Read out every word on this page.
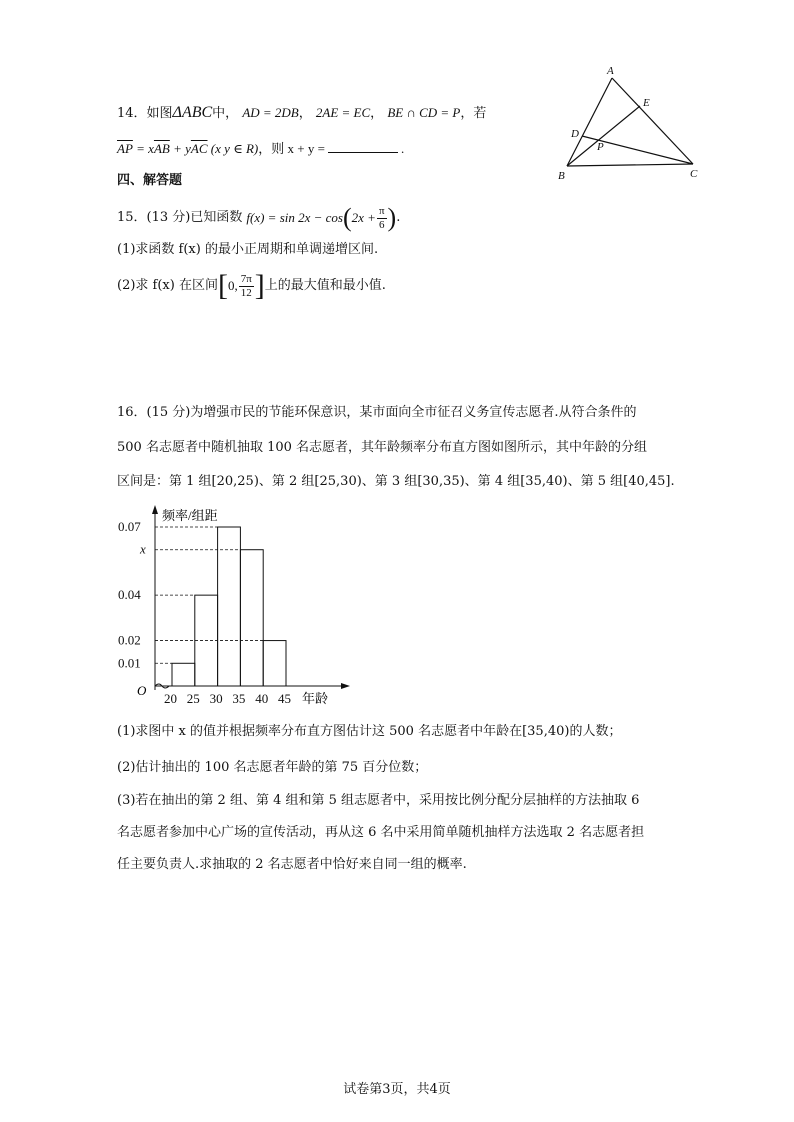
14．如图ΔABC中， AD = 2DB， 2AE = EC， BE ∩ CD = P，若
$\overline{AP} = x\overline{AB} + y\overline{AC}$ (x y ∈ R)，则 x + y =	.
A
B	C
D
E
P
四、解答题
15．(13 分)已知函数 f(x) = sin 2x − cos ( $2x + \frac{\pi}{6}$ ) .
(1)求函数 f(x) 的最小正周期和单调递增区间.
(2)求 f(x) 在区间 [ 0, $\frac{7\pi}{12}$ ] 上的最大值和最小值.
16．(15 分)为增强市民的节能环保意识，某市面向全市征召义务宣传志愿者.从符合条件的
500 名志愿者中随机抽取 100 名志愿者，其年龄频率分布直方图如图所示，其中年龄的分组
区间是：第 1 组[20,25)、第 2 组[25,30)、第 3 组[30,35)、第 4 组[35,40)、第 5 组[40,45].
0.01
0.02
0.04
x
0.07
20 25 30 35 40 45
O
频率/组距
年龄
(1)求图中 x 的值并根据频率分布直方图估计这 500 名志愿者中年龄在[35,40)的人数；
(2)估计抽出的 100 名志愿者年龄的第 75 百分位数；
(3)若在抽出的第 2 组、第 4 组和第 5 组志愿者中，采用按比例分配分层抽样的方法抽取 6
名志愿者参加中心广场的宣传活动，再从这 6 名中采用简单随机抽样方法选取 2 名志愿者担
任主要负责人.求抽取的 2 名志愿者中恰好来自同一组的概率.
试卷第3页，共4页
